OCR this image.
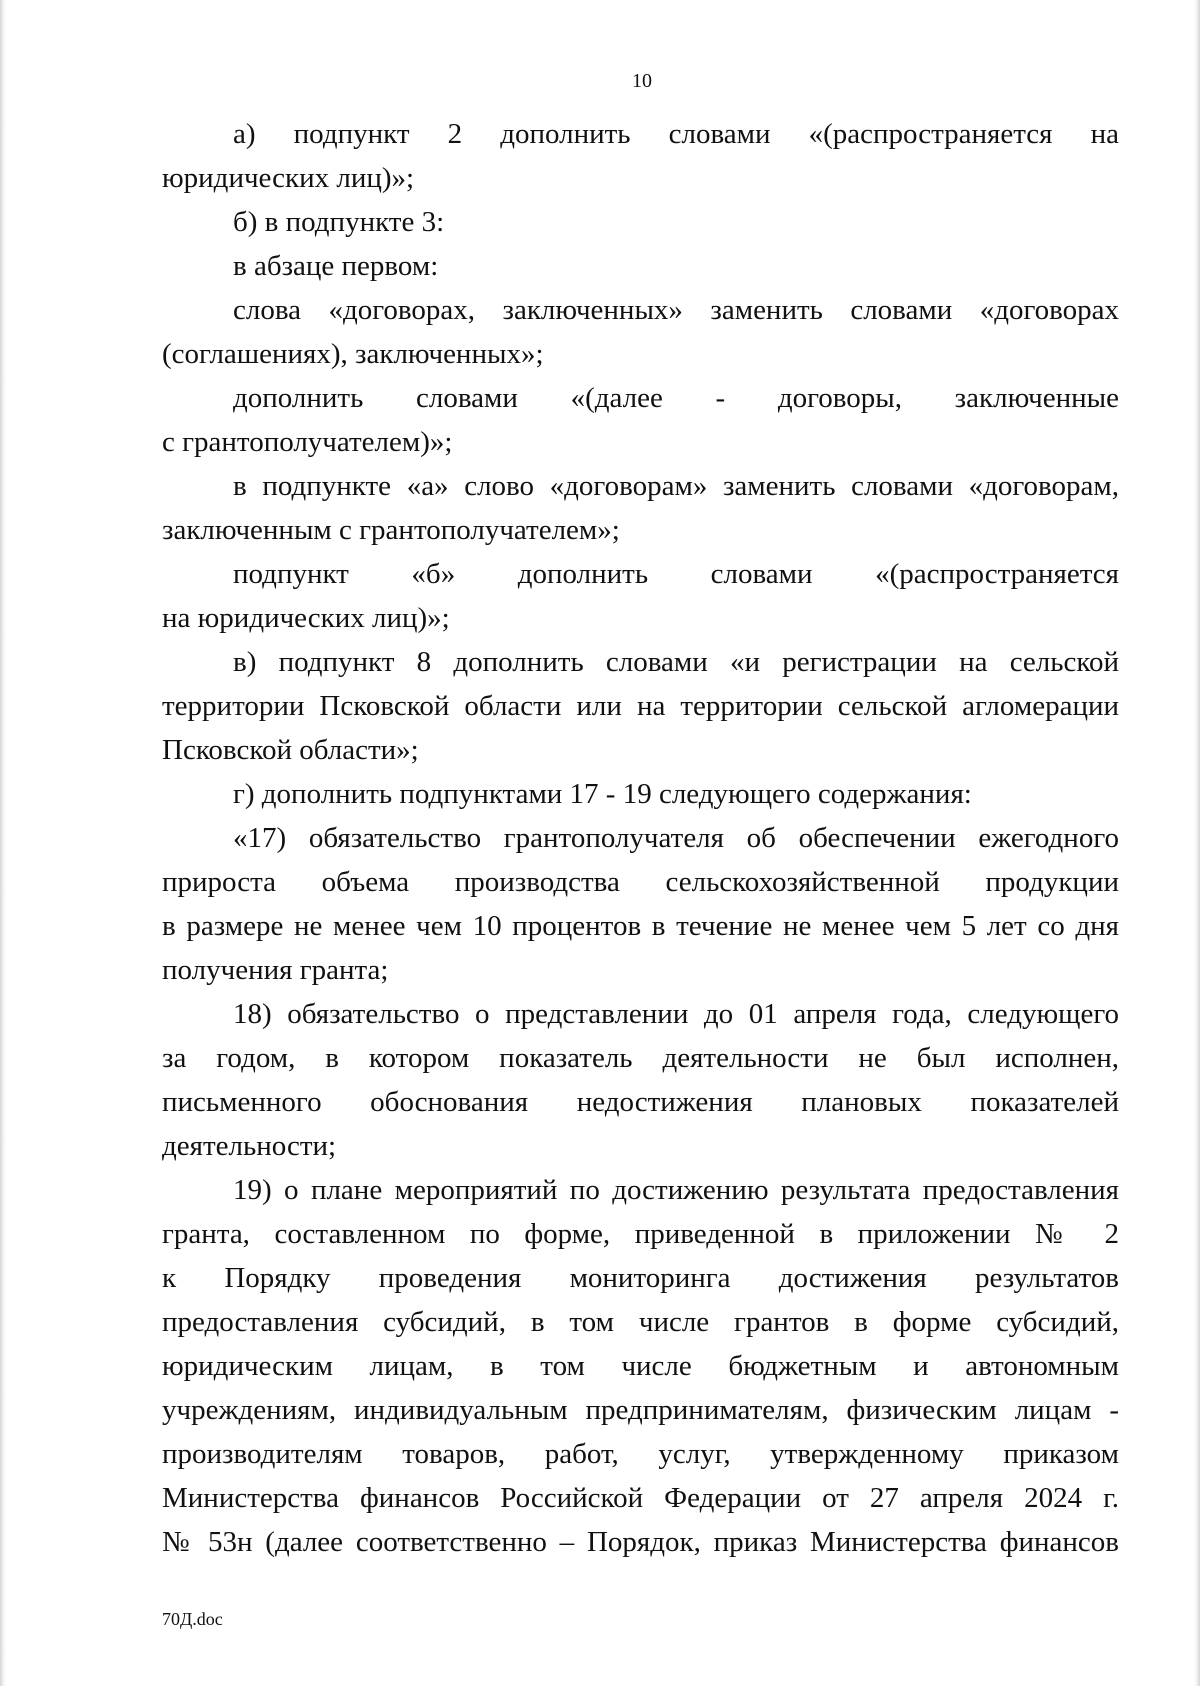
10
а) подпункт 2 дополнить словами «(распространяется на
юридических лиц)»;
б) в подпункте 3:
в абзаце первом:
слова «договорах, заключенных» заменить словами «договорах
(соглашениях), заключенных»;
дополнить словами «(далее - договоры, заключенные
с грантополучателем)»;
в подпункте «а» слово «договорам» заменить словами «договорам,
заключенным с грантополучателем»;
подпункт «б» дополнить словами «(распространяется
на юридических лиц)»;
в) подпункт 8 дополнить словами «и регистрации на сельской
территории Псковской области или на территории сельской агломерации
Псковской области»;
г) дополнить подпунктами 17 - 19 следующего содержания:
«17) обязательство грантополучателя об обеспечении ежегодного
прироста объема производства сельскохозяйственной продукции
в размере не менее чем 10 процентов в течение не менее чем 5 лет со дня
получения гранта;
18) обязательство о представлении до 01 апреля года, следующего
за годом, в котором показатель деятельности не был исполнен,
письменного обоснования недостижения плановых показателей
деятельности;
19) о плане мероприятий по достижению результата предоставления
гранта, составленном по форме, приведенной в приложении № 2
к Порядку проведения мониторинга достижения результатов
предоставления субсидий, в том числе грантов в форме субсидий,
юридическим лицам, в том числе бюджетным и автономным
учреждениям, индивидуальным предпринимателям, физическим лицам -
производителям товаров, работ, услуг, утвержденному приказом
Министерства финансов Российской Федерации от 27 апреля 2024 г.
№ 53н (далее соответственно – Порядок, приказ Министерства финансов
70Д.doc
